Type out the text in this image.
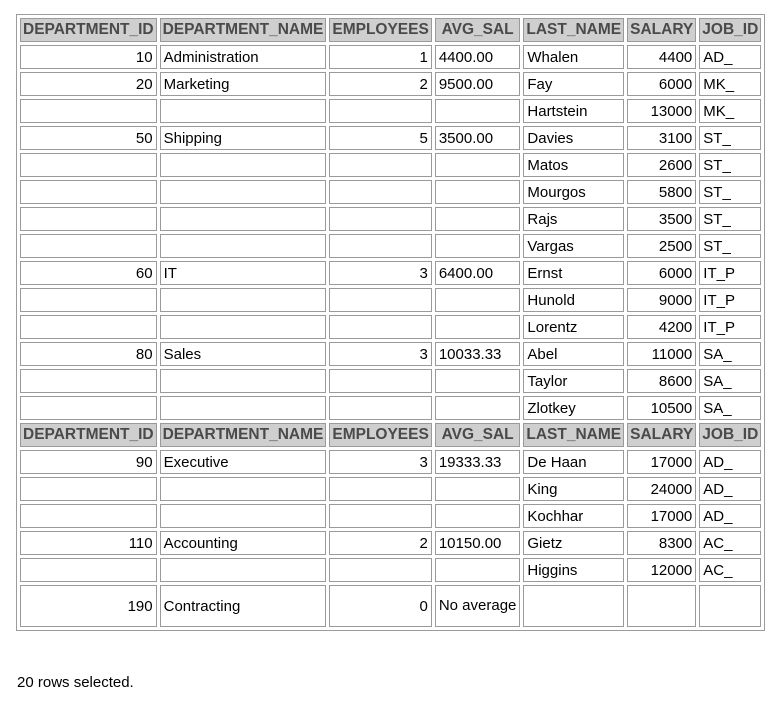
DEPARTMENT_ID	DEPARTMENT_NAME	EMPLOYEES	AVG_SAL	LAST_NAME	SALARY	JOB_ID
10	Administration	1	4400.00	Whalen	4400	AD_
20	Marketing	2	9500.00	Fay	6000	MK_
				Hartstein	13000	MK_
50	Shipping	5	3500.00	Davies	3100	ST_
				Matos	2600	ST_
				Mourgos	5800	ST_
				Rajs	3500	ST_
				Vargas	2500	ST_
60	IT	3	6400.00	Ernst	6000	IT_P
				Hunold	9000	IT_P
				Lorentz	4200	IT_P
80	Sales	3	10033.33	Abel	11000	SA_
				Taylor	8600	SA_
				Zlotkey	10500	SA_
DEPARTMENT_ID	DEPARTMENT_NAME	EMPLOYEES	AVG_SAL	LAST_NAME	SALARY	JOB_ID
90	Executive	3	19333.33	De Haan	17000	AD_
				King	24000	AD_
				Kochhar	17000	AD_
110	Accounting	2	10150.00	Gietz	8300	AC_
				Higgins	12000	AC_
190	Contracting	0	No average			
20 rows selected.
